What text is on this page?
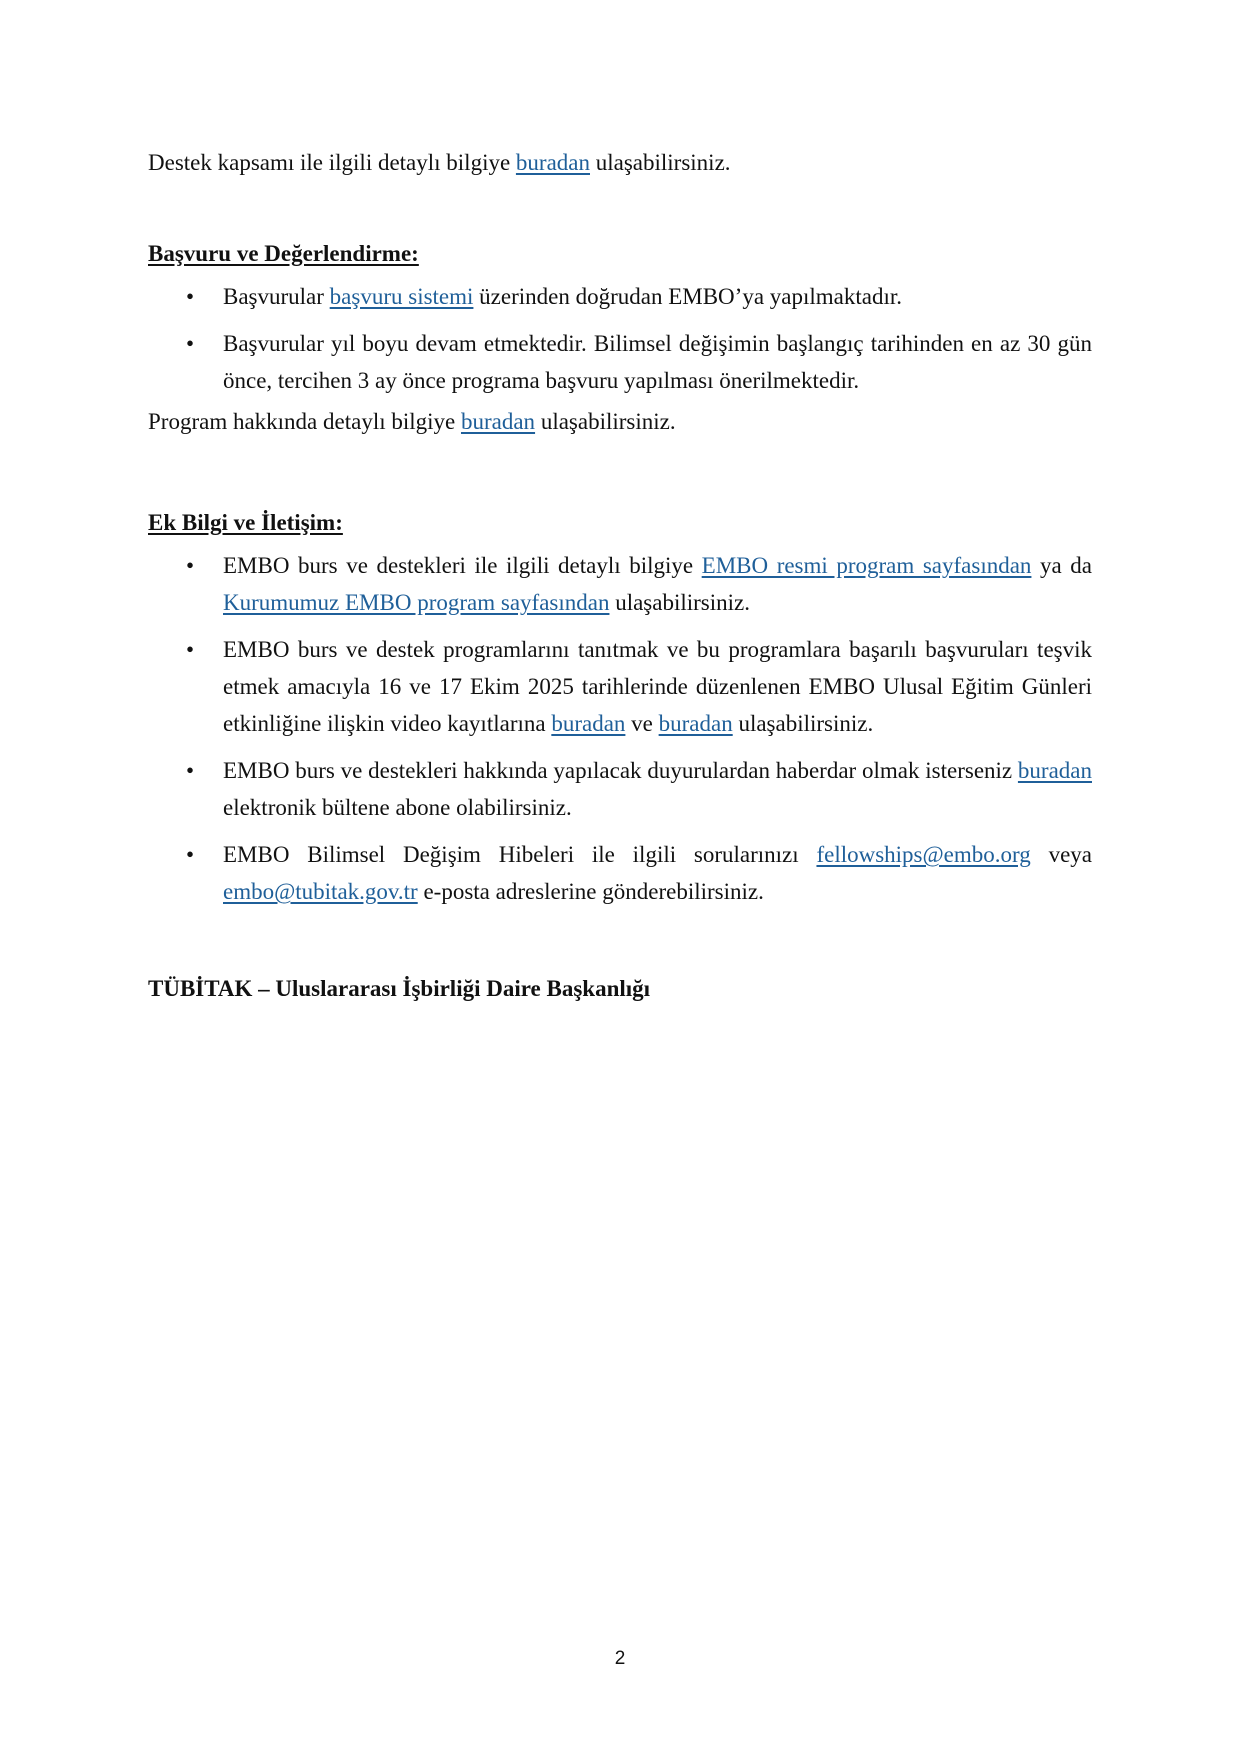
Destek kapsamı ile ilgili detaylı bilgiye buradan ulaşabilirsiniz.

Başvuru ve Değerlendirme:

• Başvurular başvuru sistemi üzerinden doğrudan EMBO’ya yapılmaktadır.
• Başvurular yıl boyu devam etmektedir. Bilimsel değişimin başlangıç tarihinden en az 30 gün önce, tercihen 3 ay önce programa başvuru yapılması önerilmektedir.

Program hakkında detaylı bilgiye buradan ulaşabilirsiniz.

Ek Bilgi ve İletişim:

• EMBO burs ve destekleri ile ilgili detaylı bilgiye EMBO resmi program sayfasından ya da Kurumumuz EMBO program sayfasından ulaşabilirsiniz.
• EMBO burs ve destek programlarını tanıtmak ve bu programlara başarılı başvuruları teşvik etmek amacıyla 16 ve 17 Ekim 2025 tarihlerinde düzenlenen EMBO Ulusal Eğitim Günleri etkinliğine ilişkin video kayıtlarına buradan ve buradan ulaşabilirsiniz.
• EMBO burs ve destekleri hakkında yapılacak duyurulardan haberdar olmak isterseniz buradan elektronik bültene abone olabilirsiniz.
• EMBO Bilimsel Değişim Hibeleri ile ilgili sorularınızı fellowships@embo.org veya embo@tubitak.gov.tr e-posta adreslerine gönderebilirsiniz.

TÜBİTAK – Uluslararası İşbirliği Daire Başkanlığı

2
